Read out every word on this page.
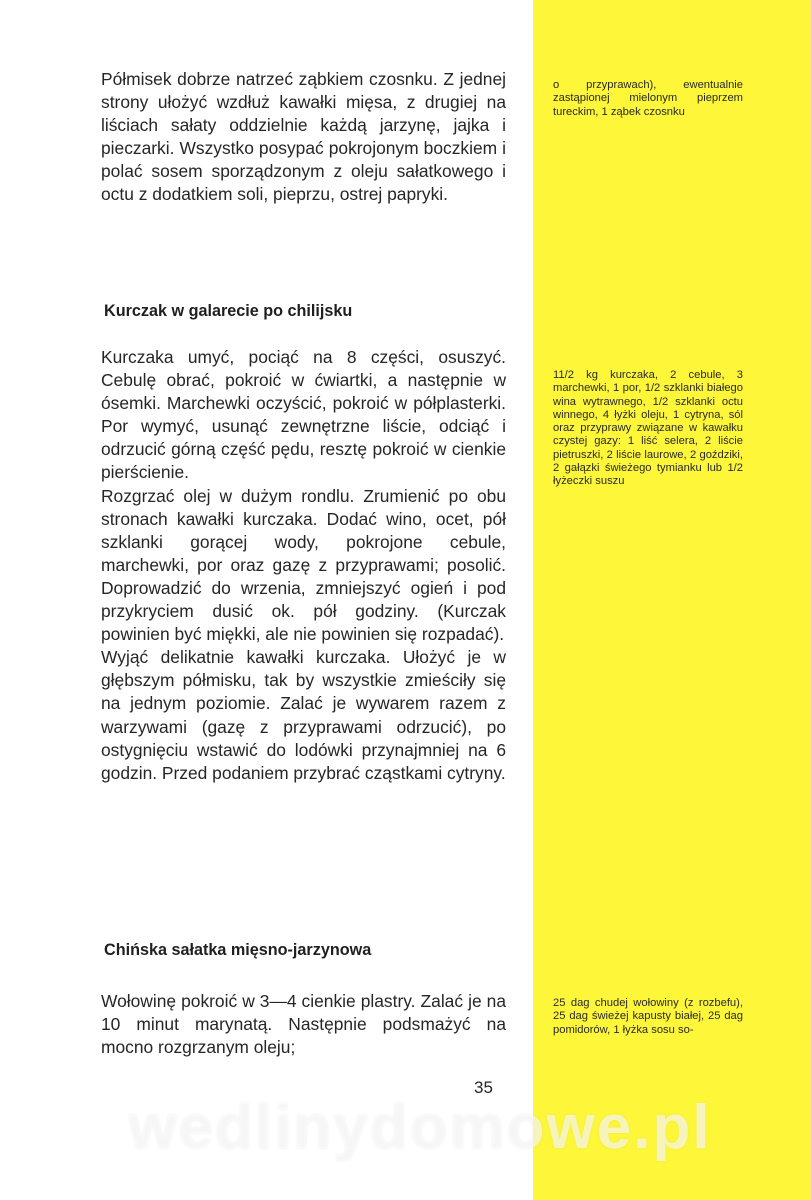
Półmisek dobrze natrzeć ząbkiem czosnku. Z jednej strony ułożyć wzdłuż kawałki mięsa, z drugiej na liściach sałaty oddzielnie każdą jarzynę, jajka i pieczarki. Wszystko posypać pokrojonym boczkiem i polać sosem sporządzonym z oleju sałatkowego i octu z dodatkiem soli, pieprzu, ostrej papryki.

o przyprawach), ewentualnie zastąpionej mielonym pieprzem tureckim, 1 ząbek czosnku

Kurczak w galarecie po chilijsku

Kurczaka umyć, pociąć na 8 części, osuszyć. Cebulę obrać, pokroić w ćwiartki, a następnie w ósemki. Marchewki oczyścić, pokroić w półplasterki. Por wymyć, usunąć zewnętrzne liście, odciąć i odrzucić górną część pędu, resztę pokroić w cienkie pierścienie.

Rozgrzać olej w dużym rondlu. Zrumienić po obu stronach kawałki kurczaka. Dodać wino, ocet, pół szklanki gorącej wody, pokrojone cebule, marchewki, por oraz gazę z przyprawami; posolić. Doprowadzić do wrzenia, zmniejszyć ogień i pod przykryciem dusić ok. pół godziny. (Kurczak powinien być miękki, ale nie powinien się rozpadać).

Wyjąć delikatnie kawałki kurczaka. Ułożyć je w głębszym półmisku, tak by wszystkie zmieściły się na jednym poziomie. Zalać je wywarem razem z warzywami (gazę z przyprawami odrzucić), po ostygnięciu wstawić do lodówki przynajmniej na 6 godzin. Przed podaniem przybrać cząstkami cytryny.

11/2 kg kurczaka, 2 cebule, 3 marchewki, 1 por, 1/2 szklanki białego wina wytrawnego, 1/2 szklanki octu winnego, 4 łyżki oleju, 1 cytryna, sól oraz przyprawy związane w kawałku czystej gazy: 1 liść selera, 2 liście pietruszki, 2 liście laurowe, 2 goździki, 2 gałązki świeżego tymianku lub 1/2 łyżeczki suszu

Chińska sałatka mięsno-jarzynowa

Wołowinę pokroić w 3—4 cienkie plastry. Zalać je na 10 minut marynatą. Następnie podsmażyć na mocno rozgrzanym oleju;

25 dag chudej wołowiny (z rozbefu), 25 dag świeżej kapusty białej, 25 dag pomidorów, 1 łyżka sosu so-

35
wedlinydomowe.pl
